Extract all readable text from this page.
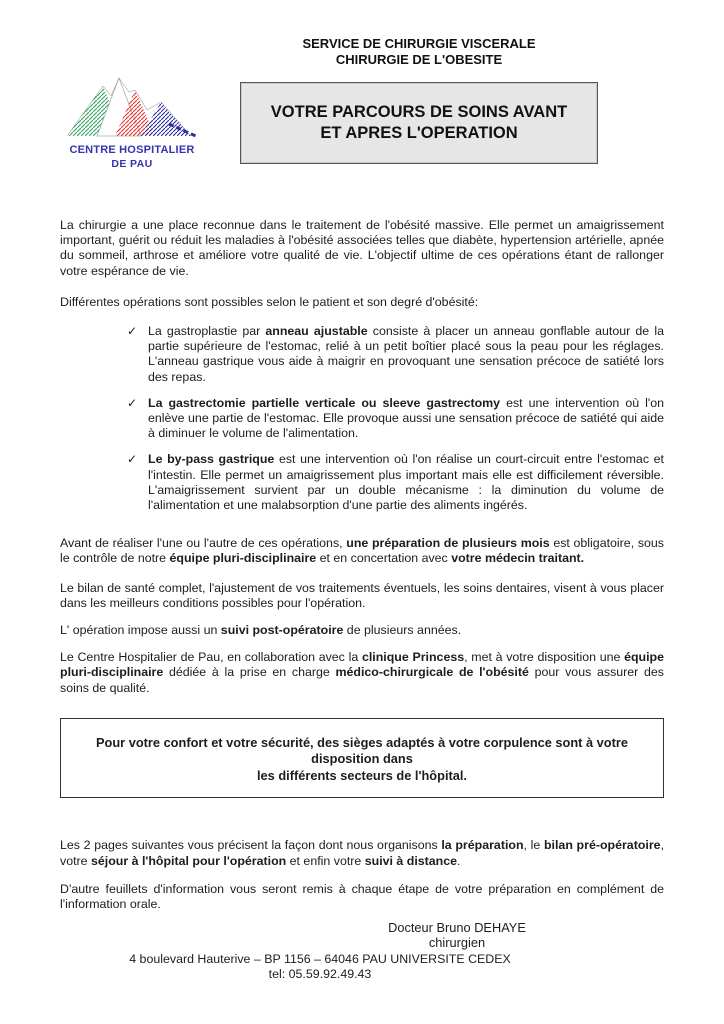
CENTRE HOSPITALIER
DE PAU
SERVICE DE CHIRURGIE VISCERALE
CHIRURGIE DE L'OBESITE
VOTRE PARCOURS DE SOINS AVANT
ET APRES L'OPERATION

La chirurgie a une place reconnue dans le traitement de l'obésité massive. Elle permet un amaigrissement important, guérit ou réduit les maladies à l'obésité associées telles que diabète, hypertension artérielle, apnée du sommeil, arthrose et améliore votre qualité de vie. L'objectif ultime de ces opérations étant de rallonger votre espérance de vie.

Différentes opérations sont possibles selon le patient et son degré d'obésité:

✓ La gastroplastie par anneau ajustable consiste à placer un anneau gonflable autour de la partie supérieure de l'estomac, relié à un petit boîtier placé sous la peau pour les réglages. L'anneau gastrique vous aide à maigrir en provoquant une sensation précoce de satiété lors des repas.
✓ La gastrectomie partielle verticale ou sleeve gastrectomy est une intervention où l'on enlève une partie de l'estomac. Elle provoque aussi une sensation précoce de satiété qui aide à diminuer le volume de l'alimentation.
✓ Le by-pass gastrique est une intervention où l'on réalise un court-circuit entre l'estomac et l'intestin. Elle permet un amaigrissement plus important mais elle est difficilement réversible. L'amaigrissement survient par un double mécanisme : la diminution du volume de l'alimentation et une malabsorption d'une partie des aliments ingérés.

Avant de réaliser l'une ou l'autre de ces opérations, une préparation de plusieurs mois est obligatoire, sous le contrôle de notre équipe pluri-disciplinaire et en concertation avec votre médecin traitant.

Le bilan de santé complet, l'ajustement de vos traitements éventuels, les soins dentaires, visent à vous placer dans les meilleurs conditions possibles pour l'opération.

L' opération impose aussi un suivi post-opératoire de plusieurs années.

Le Centre Hospitalier de Pau, en collaboration avec la clinique Princess, met à votre disposition une équipe pluri-disciplinaire dédiée à la prise en charge médico-chirurgicale de l'obésité pour vous assurer des soins de qualité.

Pour votre confort et votre sécurité, des sièges adaptés à votre corpulence sont à votre disposition dans
les différents secteurs de l'hôpital.

Les 2 pages suivantes vous précisent la façon dont nous organisons la préparation, le bilan pré-opératoire, votre séjour à l'hôpital pour l'opération et enfin votre suivi à distance.

D'autre feuillets d'information vous seront remis à chaque étape de votre préparation en complément de l'information orale.

Docteur Bruno DEHAYE
chirurgien
4 boulevard Hauterive – BP 1156 – 64046 PAU UNIVERSITE CEDEX
tel: 05.59.92.49.43
